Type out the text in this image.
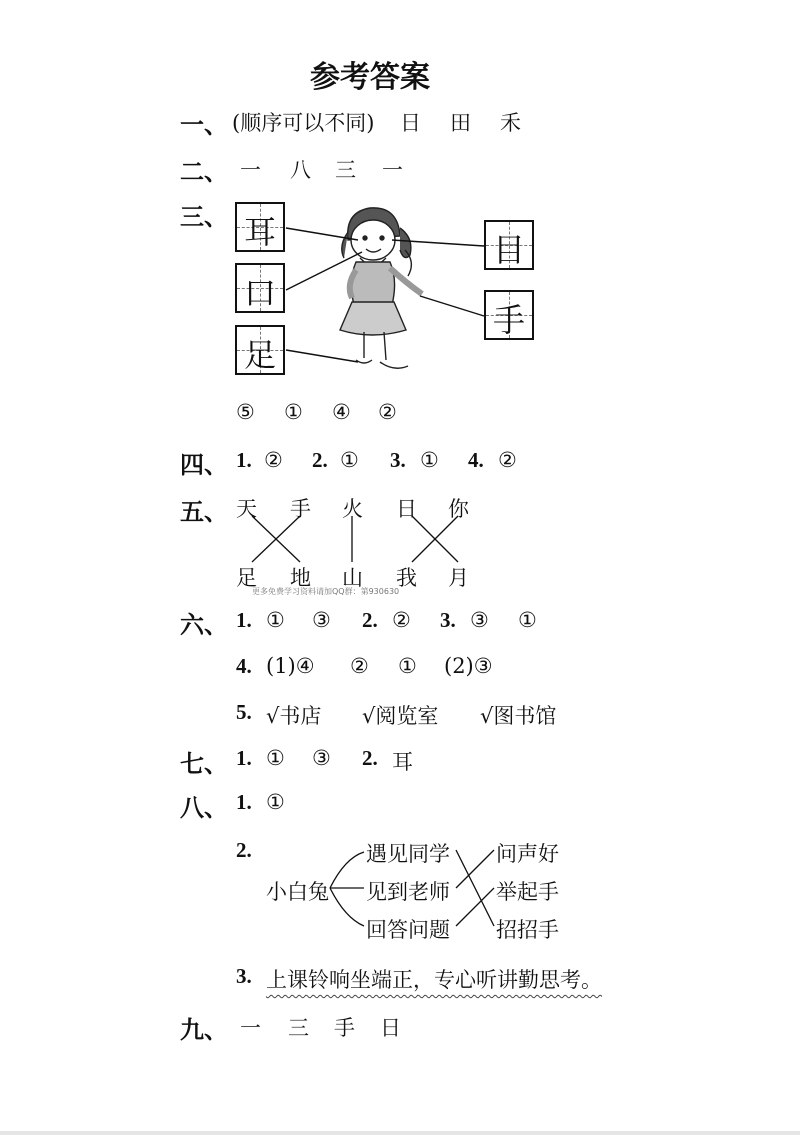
参考答案
一、 (顺序可以不同) 日 田 禾
二、 一 八 三 一
三、 耳
口
足
目
手
⑤ ① ④ ②
四、 1. ② 2. ① 3. ① 4. ②
五、 天 手 火 日 你
足 地 山 我 月
更多免费学习资料请加QQ群：第930630
六、 1. ① ③ 2. ② 3. ③ ①
4. (1)④ ② ① (2)③
5. √书店 √阅览室 √图书馆
七、 1. ① ③ 2. 耳
八、 1. ①
2.
小白兔
遇见同学
见到老师
回答问题
问声好
举起手
招招手
3. 上课铃响坐端正，专心听讲勤思考。
九、 一 三 手 日
